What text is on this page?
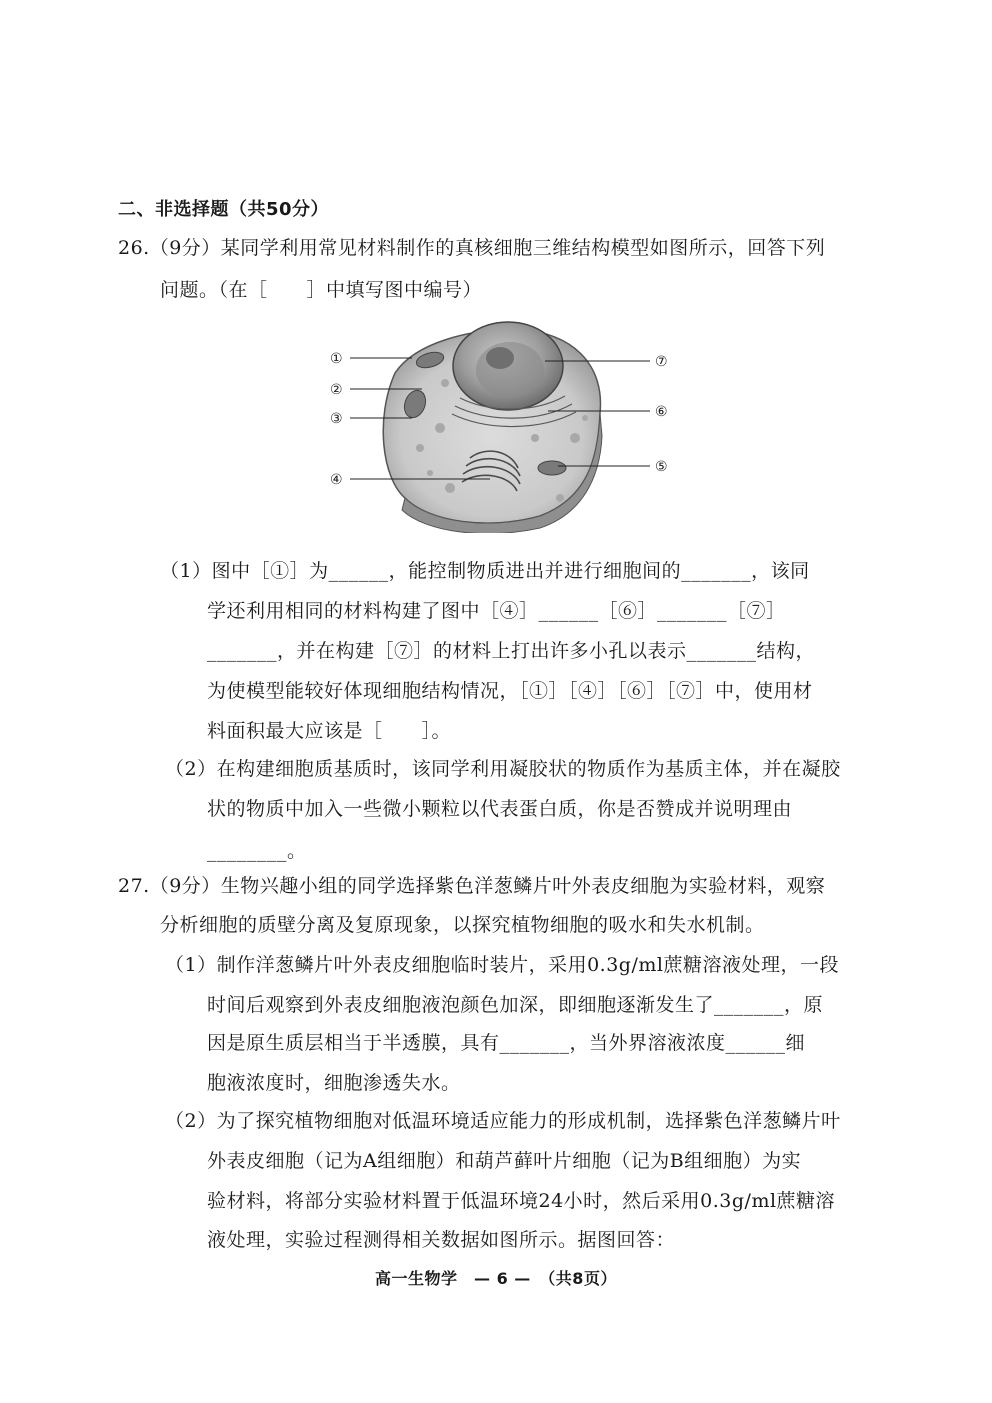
二、非选择题（共50分）
26.（9分）某同学利用常见材料制作的真核细胞三维结构模型如图所示，回答下列
问题。（在［　　］中填写图中编号）
①
②
③
④
⑦
⑥
⑤
（1）图中［①］为______，能控制物质进出并进行细胞间的_______，该同
学还利用相同的材料构建了图中［④］______［⑥］_______［⑦］
_______，并在构建［⑦］的材料上打出许多小孔以表示_______结构，
为使模型能较好体现细胞结构情况，［①］［④］［⑥］［⑦］中，使用材
料面积最大应该是［　　］。
（2）在构建细胞质基质时，该同学利用凝胶状的物质作为基质主体，并在凝胶
状的物质中加入一些微小颗粒以代表蛋白质，你是否赞成并说明理由
________。
27.（9分）生物兴趣小组的同学选择紫色洋葱鳞片叶外表皮细胞为实验材料，观察
分析细胞的质壁分离及复原现象，以探究植物细胞的吸水和失水机制。
（1）制作洋葱鳞片叶外表皮细胞临时装片，采用0.3g/ml蔗糖溶液处理，一段
时间后观察到外表皮细胞液泡颜色加深，即细胞逐渐发生了_______，原
因是原生质层相当于半透膜，具有_______，当外界溶液浓度______细
胞液浓度时，细胞渗透失水。
（2）为了探究植物细胞对低温环境适应能力的形成机制，选择紫色洋葱鳞片叶
外表皮细胞（记为A组细胞）和葫芦藓叶片细胞（记为B组细胞）为实
验材料，将部分实验材料置于低温环境24小时，然后采用0.3g/ml蔗糖溶
液处理，实验过程测得相关数据如图所示。据图回答：
高一生物学　— 6 —　（共8页）
